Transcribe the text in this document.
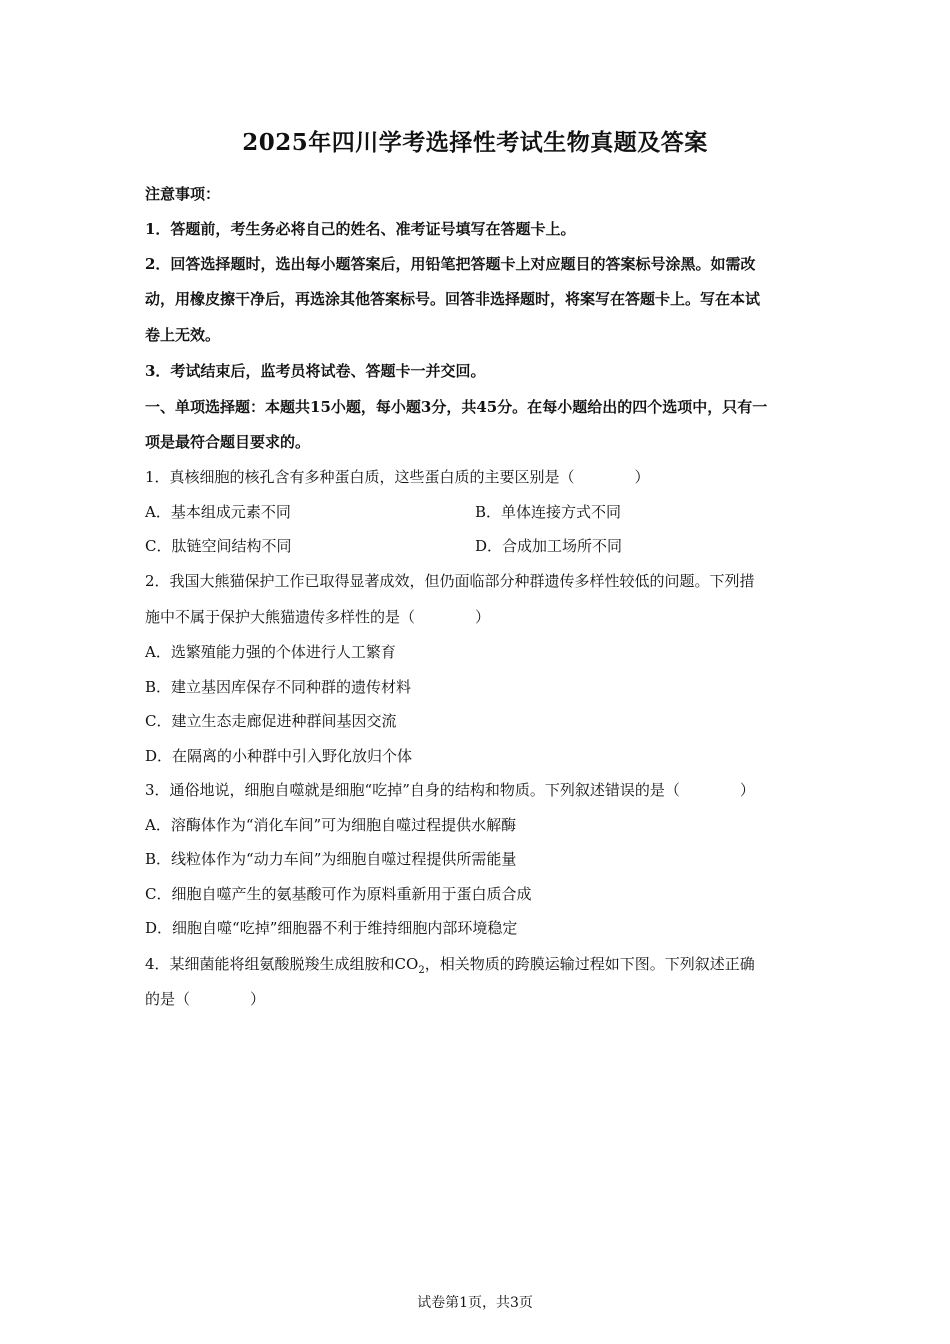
2025年四川学考选择性考试生物真题及答案
注意事项：
1．答题前，考生务必将自己的姓名、准考证号填写在答题卡上。
2．回答选择题时，选出每小题答案后，用铅笔把答题卡上对应题目的答案标号涂黑。如需改
动，用橡皮擦干净后，再选涂其他答案标号。回答非选择题时，将案写在答题卡上。写在本试
卷上无效。
3．考试结束后，监考员将试卷、答题卡一并交回。
一、单项选择题：本题共15小题，每小题3分，共45分。在每小题给出的四个选项中，只有一
项是最符合题目要求的。
1．真核细胞的核孔含有多种蛋白质，这些蛋白质的主要区别是（　　　　）
A．基本组成元素不同	B．单体连接方式不同
C．肽链空间结构不同	D．合成加工场所不同
2．我国大熊猫保护工作已取得显著成效，但仍面临部分种群遗传多样性较低的问题。下列措
施中不属于保护大熊猫遗传多样性的是（　　　　）
A．选繁殖能力强的个体进行人工繁育
B．建立基因库保存不同种群的遗传材料
C．建立生态走廊促进种群间基因交流
D．在隔离的小种群中引入野化放归个体
3．通俗地说，细胞自噬就是细胞“吃掉”自身的结构和物质。下列叙述错误的是（　　　　）
A．溶酶体作为“消化车间”可为细胞自噬过程提供水解酶
B．线粒体作为“动力车间”为细胞自噬过程提供所需能量
C．细胞自噬产生的氨基酸可作为原料重新用于蛋白质合成
D．细胞自噬“吃掉”细胞器不利于维持细胞内部环境稳定
4．某细菌能将组氨酸脱羧生成组胺和$CO_2$，相关物质的跨膜运输过程如下图。下列叙述正确
的是（　　　　）
试卷第1页，共3页
